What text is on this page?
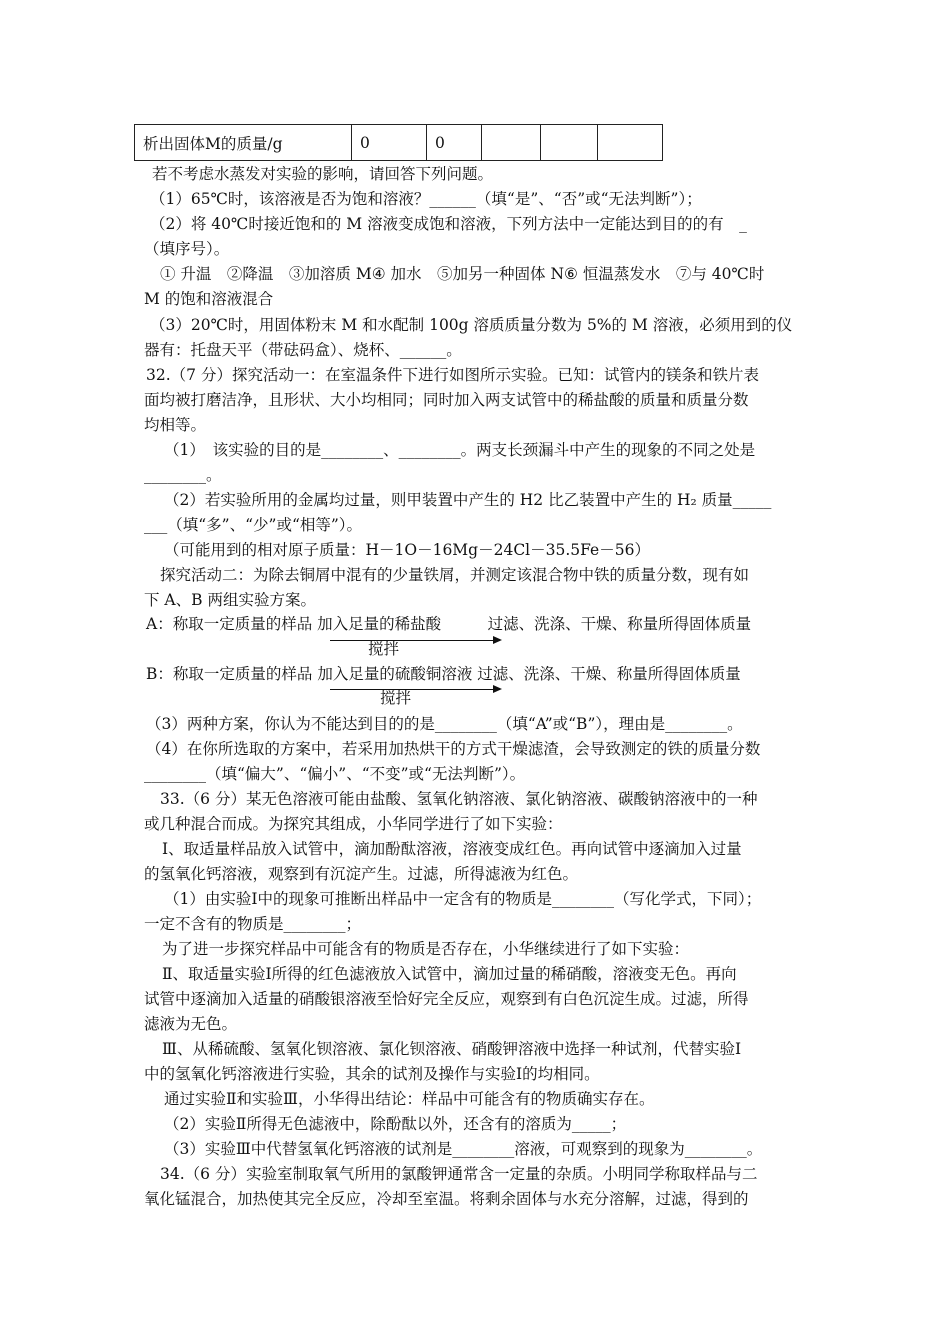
析出固体M的质量/g	0	0			
若不考虑水蒸发对实验的影响，请回答下列问题。
（1）65℃时，该溶液是否为饱和溶液？______（填“是”、“否”或“无法判断”）；
（2）将 40℃时接近饱和的 M 溶液变成饱和溶液，下列方法中一定能达到目的的有　_
（填序号）。
① 升温　②降温　③加溶质 M④ 加水　⑤加另一种固体 N⑥ 恒温蒸发水　⑦与 40℃时
M 的饱和溶液混合
（3）20℃时，用固体粉末 M 和水配制 100g 溶质质量分数为 5%的 M 溶液，必须用到的仪
器有：托盘天平（带砝码盒）、烧杯、______。
32.（7 分）探究活动一：在室温条件下进行如图所示实验。已知：试管内的镁条和铁片表
面均被打磨洁净，且形状、大小均相同；同时加入两支试管中的稀盐酸的质量和质量分数
均相等。
（1）　该实验的目的是________、________。两支长颈漏斗中产生的现象的不同之处是
________。
（2）若实验所用的金属均过量，则甲装置中产生的 H2 比乙装置中产生的 H₂ 质量_____
___（填“多”、“少”或“相等”）。
（可能用到的相对原子质量：H－1O－16Mg－24Cl－35.5Fe－56）
探究活动二：为除去铜屑中混有的少量铁屑，并测定该混合物中铁的质量分数，现有如
下 A、B 两组实验方案。
A：称取一定质量的样品 加入足量的稀盐酸　　　过滤、洗涤、干燥、称量所得固体质量
搅拌
B：称取一定质量的样品 加入足量的硫酸铜溶液 过滤、洗涤、干燥、称量所得固体质量
搅拌
（3）两种方案，你认为不能达到目的的是________（填“A”或“B”），理由是________。
（4）在你所选取的方案中，若采用加热烘干的方式干燥滤渣，会导致测定的铁的质量分数
________（填“偏大”、“偏小”、“不变”或“无法判断”）。
33.（6 分）某无色溶液可能由盐酸、氢氧化钠溶液、氯化钠溶液、碳酸钠溶液中的一种
或几种混合而成。为探究其组成，小华同学进行了如下实验：
Ⅰ、取适量样品放入试管中，滴加酚酞溶液，溶液变成红色。再向试管中逐滴加入过量
的氢氧化钙溶液，观察到有沉淀产生。过滤，所得滤液为红色。
（1）由实验Ⅰ中的现象可推断出样品中一定含有的物质是________（写化学式，下同）；
一定不含有的物质是________；
为了进一步探究样品中可能含有的物质是否存在，小华继续进行了如下实验：
Ⅱ、取适量实验Ⅰ所得的红色滤液放入试管中，滴加过量的稀硝酸，溶液变无色。再向
试管中逐滴加入适量的硝酸银溶液至恰好完全反应，观察到有白色沉淀生成。过滤，所得
滤液为无色。
Ⅲ、从稀硫酸、氢氧化钡溶液、氯化钡溶液、硝酸钾溶液中选择一种试剂，代替实验Ⅰ
中的氢氧化钙溶液进行实验，其余的试剂及操作与实验Ⅰ的均相同。
通过实验Ⅱ和实验Ⅲ，小华得出结论：样品中可能含有的物质确实存在。
（2）实验Ⅱ所得无色滤液中，除酚酞以外，还含有的溶质为_____；
（3）实验Ⅲ中代替氢氧化钙溶液的试剂是________溶液，可观察到的现象为________。
34.（6 分）实验室制取氧气所用的氯酸钾通常含一定量的杂质。小明同学称取样品与二
氧化锰混合，加热使其完全反应，冷却至室温。将剩余固体与水充分溶解，过滤，得到的
